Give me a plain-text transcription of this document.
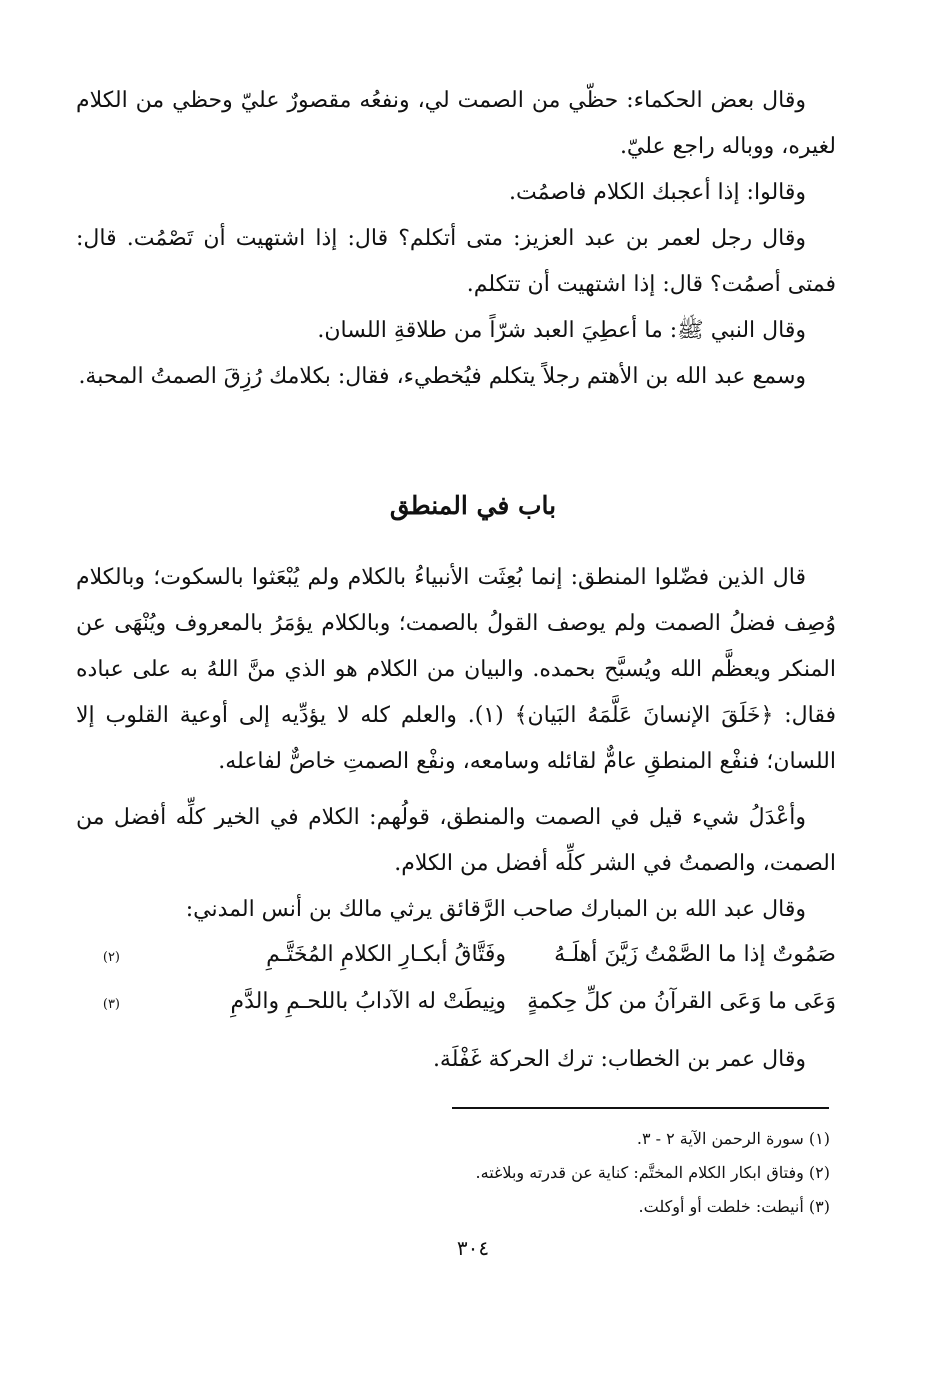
وقال بعض الحكماء: حظّي من الصمت لي، ونفعُه مقصورٌ عليّ وحظي من الكلام لغيره، ووباله راجع عليّ.

وقالوا: إذا أعجبك الكلام فاصمُت.

وقال رجل لعمر بن عبد العزيز: متى أتكلم؟ قال: إذا اشتهيت أن تَصْمُت. قال: فمتى أصمُت؟ قال: إذا اشتهيت أن تتكلم.

وقال النبي ﷺ: ما أعطِيَ العبد شرّاً من طلاقةِ اللسان.

وسمع عبد الله بن الأهتم رجلاً يتكلم فيُخطيء، فقال: بكلامك رُزِقَ الصمتُ المحبة.

باب في المنطق

قال الذين فضّلوا المنطق: إنما بُعِثَت الأنبياءُ بالكلام ولم يُبْعَثوا بالسكوت؛ وبالكلام وُصِف فضلُ الصمت ولم يوصف القولُ بالصمت؛ وبالكلام يؤمَرُ بالمعروف ويُنْهَى عن المنكر ويعظَّم الله ويُسبَّح بحمده. والبيان من الكلام هو الذي منَّ اللهُ به على عباده فقال: ﴿خَلَقَ الإنسانَ عَلَّمَهُ البَيان﴾ (١). والعلم كله لا يؤدِّيه إلى أوعية القلوب إلا اللسان؛ فنفْع المنطقِ عامٌّ لقائله وسامعه، ونفْع الصمتِ خاصٌّ لفاعله.

وأعْدَلُ شيء قيل في الصمت والمنطق، قولُهم: الكلام في الخير كلِّه أفضل من الصمت، والصمتُ في الشر كلِّه أفضل من الكلام.

وقال عبد الله بن المبارك صاحب الرَّقائق يرثي مالك بن أنس المدني:

صَمُوتٌ إذا ما الصَّمْتُ زَيَّنَ أهلَـهُ
وفَتَّاقُ أبكـارِ الكلامِ المُخَتَّـمِ
(٢)
وَعَى ما وَعَى القرآنُ من كلِّ حِكمةٍ
ونِيطَتْ له الآدابُ باللحـمِ والدَّمِ
(٣)

وقال عمر بن الخطاب: ترك الحركة غَفْلَة.

(١) سورة الرحمن الآية ٢ - ٣.

(٢) وفتاق ابكار الكلام المختَّم: كناية عن قدرته وبلاغته.

(٣) أنيطت: خلطت أو أوكلت.

٣٠٤
